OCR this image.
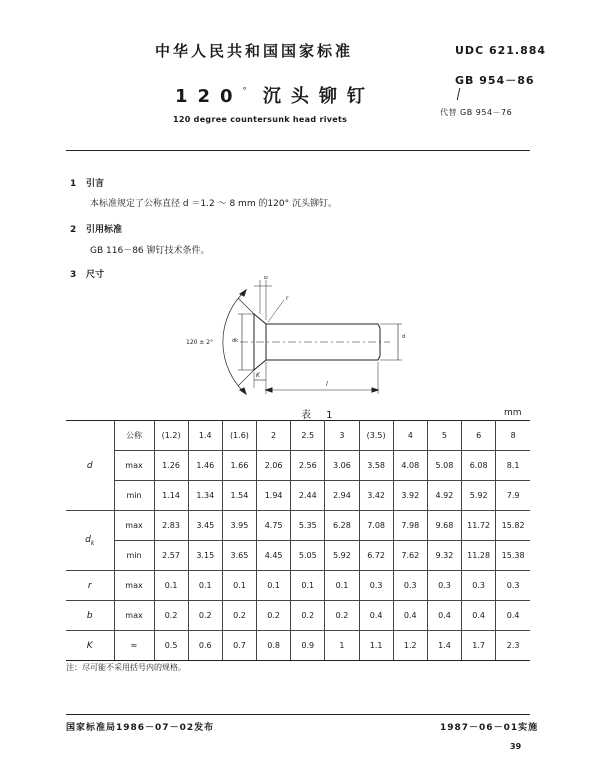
中华人民共和国国家标准	UDC 621.884
120° 沉头铆钉
GB 954－86
代替 GB 954－76
120 degree countersunk head rivets
1 引言
本标准规定了公称直径 d ＝1.2 ～ 8 mm 的120° 沉头铆钉。
2 引用标准
GB 116－86 铆钉技术条件。
3 尺寸
120 ± 2°
b
r
dk
d
K
l
表 1	mm
d	公称	(1.2)	1.4	(1.6)	2	2.5	3	(3.5)	4	5	6	8
	max	1.26	1.46	1.66	2.06	2.56	3.06	3.58	4.08	5.08	6.08	8.1
	min	1.14	1.34	1.54	1.94	2.44	2.94	3.42	3.92	4.92	5.92	7.9
$d_k$	max	2.83	3.45	3.95	4.75	5.35	6.28	7.08	7.98	9.68	11.72	15.82
	min	2.57	3.15	3.65	4.45	5.05	5.92	6.72	7.62	9.32	11.28	15.38
r	max	0.1	0.1	0.1	0.1	0.1	0.1	0.3	0.3	0.3	0.3	0.3
b	max	0.2	0.2	0.2	0.2	0.2	0.2	0.4	0.4	0.4	0.4	0.4
K	≈	0.5	0.6	0.7	0.8	0.9	1	1.1	1.2	1.4	1.7	2.3
注：尽可能不采用括号内的规格。
国家标准局1986－07－02发布	1987－06－01实施
39
